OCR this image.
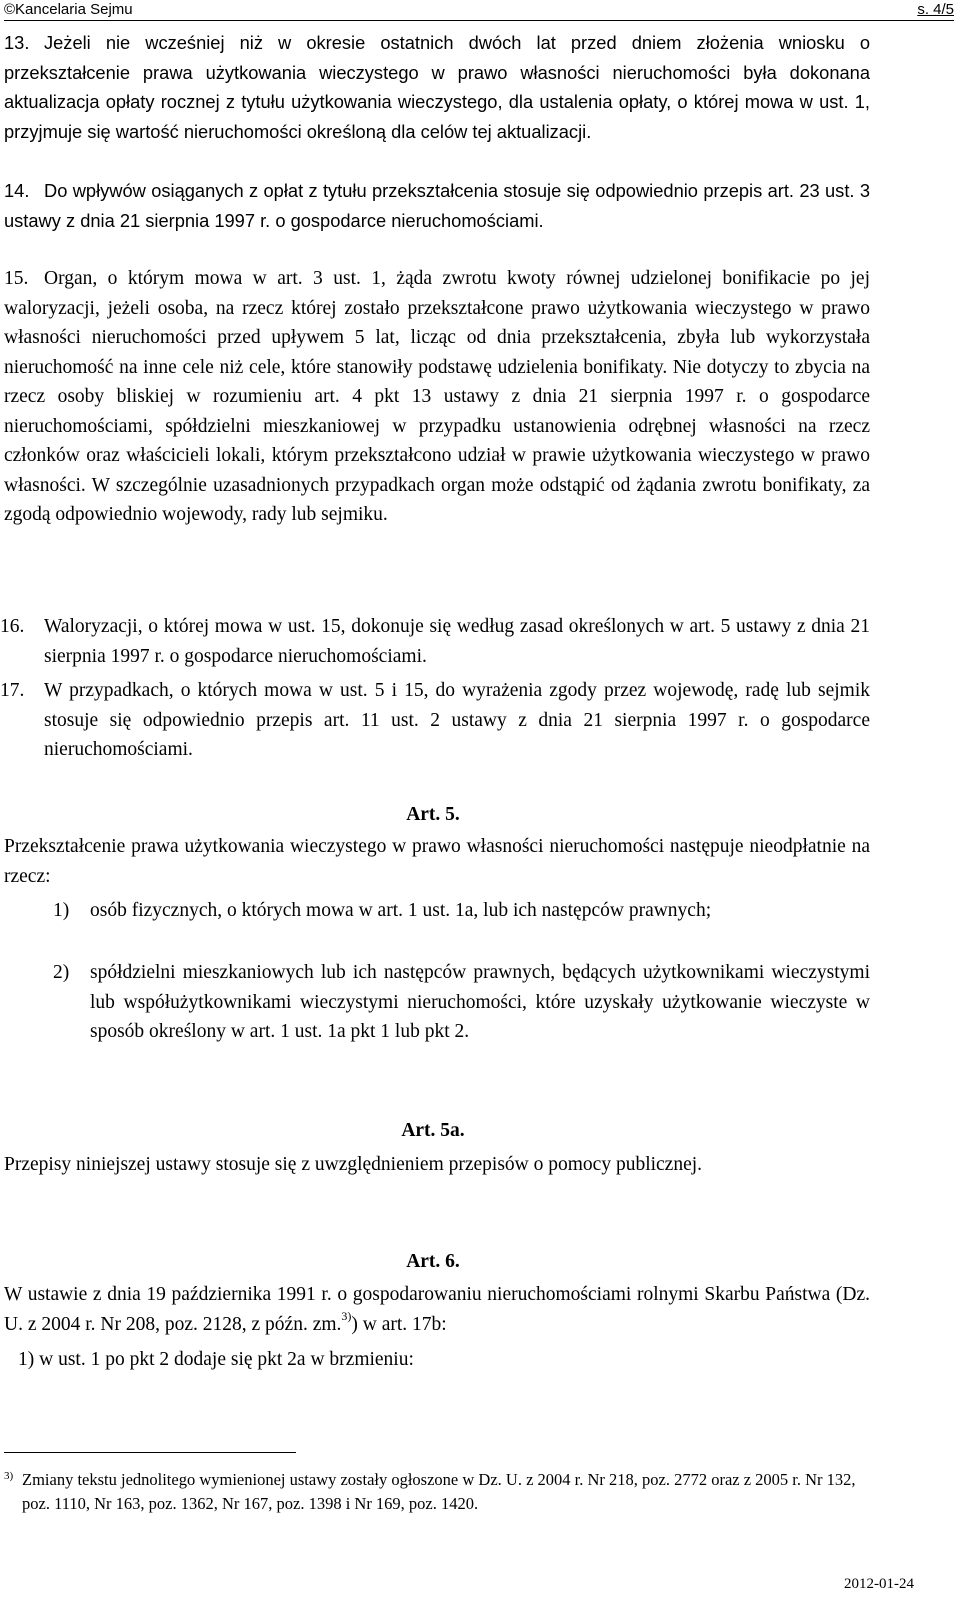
©Kancelaria Sejmu	s. 4/5
13. Jeżeli nie wcześniej niż w okresie ostatnich dwóch lat przed dniem złożenia wniosku o przekształcenie prawa użytkowania wieczystego w prawo własności nieruchomości była dokonana aktualizacja opłaty rocznej z tytułu użytkowania wieczystego, dla ustalenia opłaty, o której mowa w ust. 1, przyjmuje się wartość nieruchomości określoną dla celów tej aktualizacji.
14. Do wpływów osiąganych z opłat z tytułu przekształcenia stosuje się odpowiednio przepis art. 23 ust. 3 ustawy z dnia 21 sierpnia 1997 r. o gospodarce nieruchomościami.
15. Organ, o którym mowa w art. 3 ust. 1, żąda zwrotu kwoty równej udzielonej bonifikacie po jej waloryzacji, jeżeli osoba, na rzecz której zostało przekształcone prawo użytkowania wieczystego w prawo własności nieruchomości przed upływem 5 lat, licząc od dnia przekształcenia, zbyła lub wykorzystała nieruchomość na inne cele niż cele, które stanowiły podstawę udzielenia bonifikaty. Nie dotyczy to zbycia na rzecz osoby bliskiej w rozumieniu art. 4 pkt 13 ustawy z dnia 21 sierpnia 1997 r. o gospodarce nieruchomościami, spółdzielni mieszkaniowej w przypadku ustanowienia odrębnej własności na rzecz członków oraz właścicieli lokali, którym przekształcono udział w prawie użytkowania wieczystego w prawo własności. W szczególnie uzasadnionych przypadkach organ może odstąpić od żądania zwrotu bonifikaty, za zgodą odpowiednio wojewody, rady lub sejmiku.
16.	Waloryzacji, o której mowa w ust. 15, dokonuje się według zasad określonych w art. 5 ustawy z dnia 21 sierpnia 1997 r. o gospodarce nieruchomościami.
17.	W przypadkach, o których mowa w ust. 5 i 15, do wyrażenia zgody przez wojewodę, radę lub sejmik stosuje się odpowiednio przepis art. 11 ust. 2 ustawy z dnia 21 sierpnia 1997 r. o gospodarce nieruchomościami.
Art. 5.
Przekształcenie prawa użytkowania wieczystego w prawo własności nieruchomości następuje nieodpłatnie na rzecz:
1)	osób fizycznych, o których mowa w art. 1 ust. 1a, lub ich następców prawnych;
2)	spółdzielni mieszkaniowych lub ich następców prawnych, będących użytkownikami wieczystymi lub współużytkownikami wieczystymi nieruchomości, które uzyskały użytkowanie wieczyste w sposób określony w art. 1 ust. 1a pkt 1 lub pkt 2.
Art. 5a.
Przepisy niniejszej ustawy stosuje się z uwzględnieniem przepisów o pomocy publicznej.
Art. 6.
W ustawie z dnia 19 października 1991 r. o gospodarowaniu nieruchomościami rolnymi Skarbu Państwa (Dz. U. z 2004 r. Nr 208, poz. 2128, z późn. zm.$^{3)}$) w art. 17b:
1) w ust. 1 po pkt 2 dodaje się pkt 2a w brzmieniu:
3) Zmiany tekstu jednolitego wymienionej ustawy zostały ogłoszone w Dz. U. z 2004 r. Nr 218, poz. 2772 oraz z 2005 r. Nr 132, poz. 1110, Nr 163, poz. 1362, Nr 167, poz. 1398 i Nr 169, poz. 1420.
2012-01-24
